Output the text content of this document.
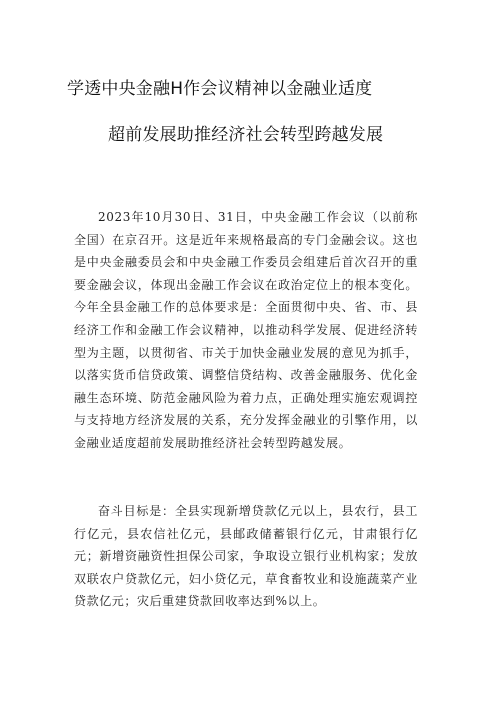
学透中央金融H作会议精神以金融业适度
超前发展助推经济社会转型跨越发展

2023年10月30日、31日，中央金融工作会议（以前称全国）在京召开。这是近年来规格最高的专门金融会议。这也是中央金融委员会和中央金融工作委员会组建后首次召开的重要金融会议，体现出金融工作会议在政治定位上的根本变化。今年全县金融工作的总体要求是：全面贯彻中央、省、市、县经济工作和金融工作会议精神，以推动科学发展、促进经济转型为主题，以贯彻省、市关于加快金融业发展的意见为抓手，以落实货币信贷政策、调整信贷结构、改善金融服务、优化金融生态环境、防范金融风险为着力点，正确处理实施宏观调控与支持地方经济发展的关系，充分发挥金融业的引擎作用，以金融业适度超前发展助推经济社会转型跨越发展。

奋斗目标是：全县实现新增贷款亿元以上，县农行，县工行亿元，县农信社亿元，县邮政储蓄银行亿元，甘肃银行亿元；新增资融资性担保公司家，争取设立银行业机构家；发放双联农户贷款亿元，妇小贷亿元，草食畜牧业和设施蔬菜产业贷款亿元；灾后重建贷款回收率达到%以上。
